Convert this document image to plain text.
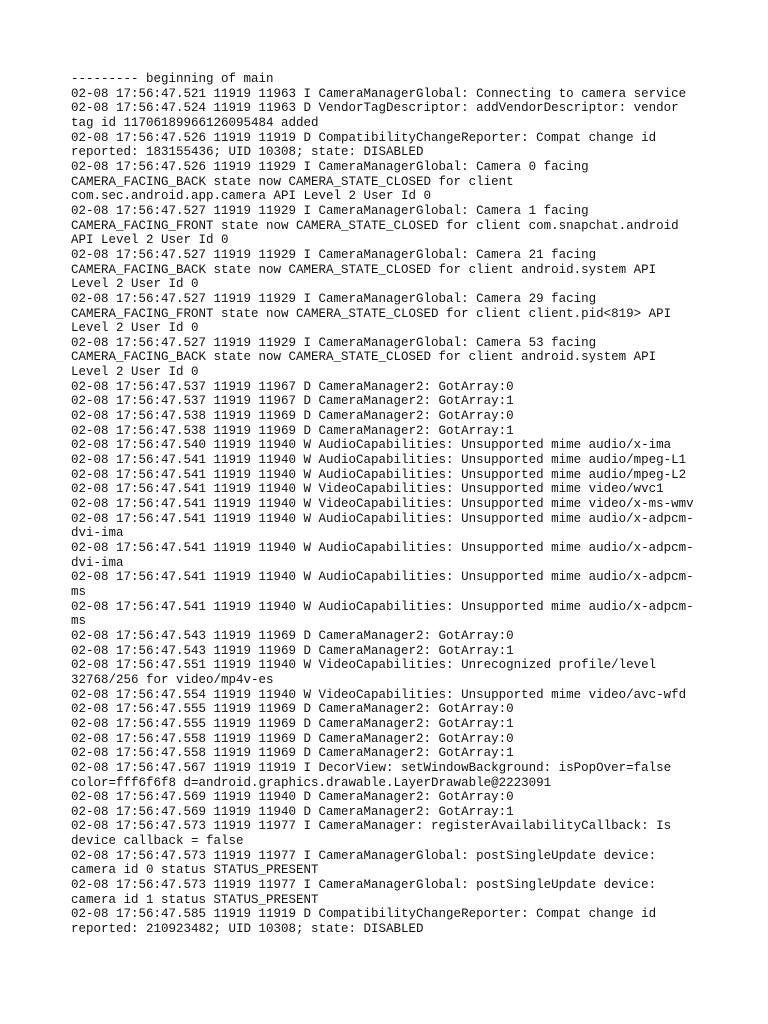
--------- beginning of main
02-08 17:56:47.521 11919 11963 I CameraManagerGlobal: Connecting to camera service
02-08 17:56:47.524 11919 11963 D VendorTagDescriptor: addVendorDescriptor: vendor
tag id 11706189966126095484 added
02-08 17:56:47.526 11919 11919 D CompatibilityChangeReporter: Compat change id
reported: 183155436; UID 10308; state: DISABLED
02-08 17:56:47.526 11919 11929 I CameraManagerGlobal: Camera 0 facing
CAMERA_FACING_BACK state now CAMERA_STATE_CLOSED for client
com.sec.android.app.camera API Level 2 User Id 0
02-08 17:56:47.527 11919 11929 I CameraManagerGlobal: Camera 1 facing
CAMERA_FACING_FRONT state now CAMERA_STATE_CLOSED for client com.snapchat.android
API Level 2 User Id 0
02-08 17:56:47.527 11919 11929 I CameraManagerGlobal: Camera 21 facing
CAMERA_FACING_BACK state now CAMERA_STATE_CLOSED for client android.system API
Level 2 User Id 0
02-08 17:56:47.527 11919 11929 I CameraManagerGlobal: Camera 29 facing
CAMERA_FACING_FRONT state now CAMERA_STATE_CLOSED for client client.pid<819> API
Level 2 User Id 0
02-08 17:56:47.527 11919 11929 I CameraManagerGlobal: Camera 53 facing
CAMERA_FACING_BACK state now CAMERA_STATE_CLOSED for client android.system API
Level 2 User Id 0
02-08 17:56:47.537 11919 11967 D CameraManager2: GotArray:0
02-08 17:56:47.537 11919 11967 D CameraManager2: GotArray:1
02-08 17:56:47.538 11919 11969 D CameraManager2: GotArray:0
02-08 17:56:47.538 11919 11969 D CameraManager2: GotArray:1
02-08 17:56:47.540 11919 11940 W AudioCapabilities: Unsupported mime audio/x-ima
02-08 17:56:47.541 11919 11940 W AudioCapabilities: Unsupported mime audio/mpeg-L1
02-08 17:56:47.541 11919 11940 W AudioCapabilities: Unsupported mime audio/mpeg-L2
02-08 17:56:47.541 11919 11940 W VideoCapabilities: Unsupported mime video/wvc1
02-08 17:56:47.541 11919 11940 W VideoCapabilities: Unsupported mime video/x-ms-wmv
02-08 17:56:47.541 11919 11940 W AudioCapabilities: Unsupported mime audio/x-adpcm-
dvi-ima
02-08 17:56:47.541 11919 11940 W AudioCapabilities: Unsupported mime audio/x-adpcm-
dvi-ima
02-08 17:56:47.541 11919 11940 W AudioCapabilities: Unsupported mime audio/x-adpcm-
ms
02-08 17:56:47.541 11919 11940 W AudioCapabilities: Unsupported mime audio/x-adpcm-
ms
02-08 17:56:47.543 11919 11969 D CameraManager2: GotArray:0
02-08 17:56:47.543 11919 11969 D CameraManager2: GotArray:1
02-08 17:56:47.551 11919 11940 W VideoCapabilities: Unrecognized profile/level
32768/256 for video/mp4v-es
02-08 17:56:47.554 11919 11940 W VideoCapabilities: Unsupported mime video/avc-wfd
02-08 17:56:47.555 11919 11969 D CameraManager2: GotArray:0
02-08 17:56:47.555 11919 11969 D CameraManager2: GotArray:1
02-08 17:56:47.558 11919 11969 D CameraManager2: GotArray:0
02-08 17:56:47.558 11919 11969 D CameraManager2: GotArray:1
02-08 17:56:47.567 11919 11919 I DecorView: setWindowBackground: isPopOver=false
color=fff6f6f8 d=android.graphics.drawable.LayerDrawable@2223091
02-08 17:56:47.569 11919 11940 D CameraManager2: GotArray:0
02-08 17:56:47.569 11919 11940 D CameraManager2: GotArray:1
02-08 17:56:47.573 11919 11977 I CameraManager: registerAvailabilityCallback: Is
device callback = false
02-08 17:56:47.573 11919 11977 I CameraManagerGlobal: postSingleUpdate device:
camera id 0 status STATUS_PRESENT
02-08 17:56:47.573 11919 11977 I CameraManagerGlobal: postSingleUpdate device:
camera id 1 status STATUS_PRESENT
02-08 17:56:47.585 11919 11919 D CompatibilityChangeReporter: Compat change id
reported: 210923482; UID 10308; state: DISABLED
